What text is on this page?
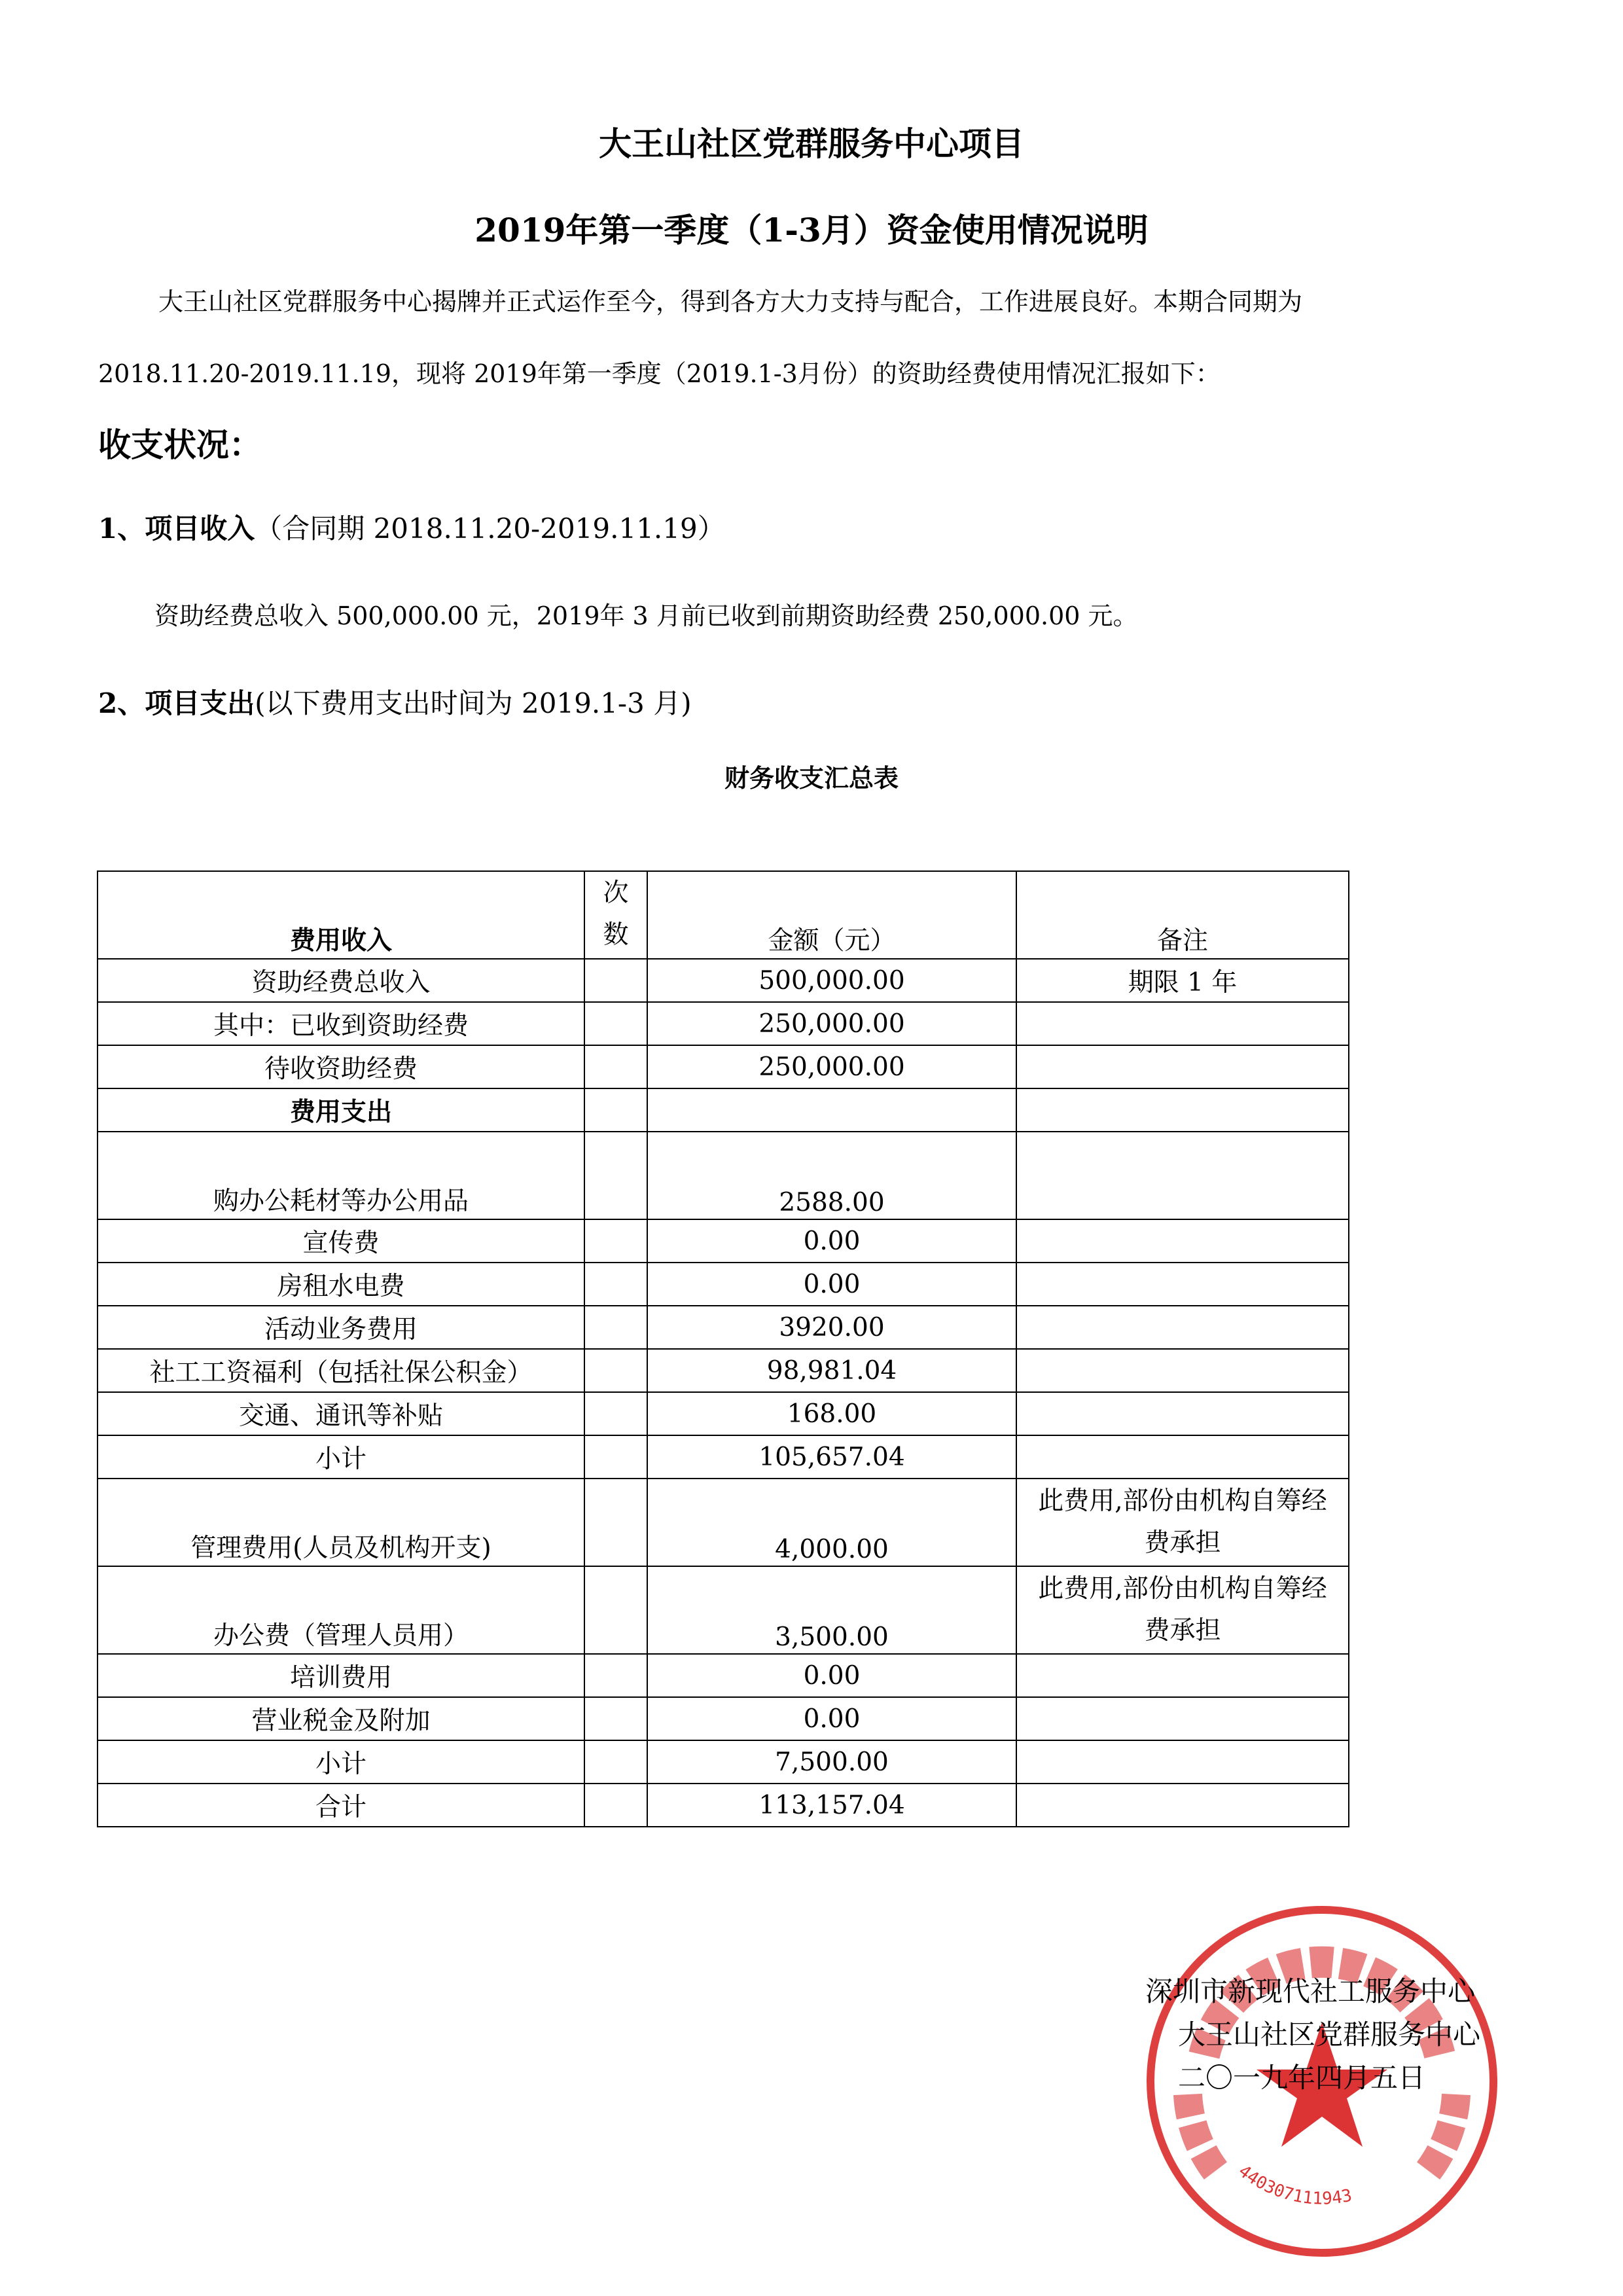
大王山社区党群服务中心项目
2019年第一季度（1-3月）资金使用情况说明
大王山社区党群服务中心揭牌并正式运作至今，得到各方大力支持与配合，工作进展良好。本期合同期为2018.11.20-2019.11.19，现将 2019年第一季度（2019.1-3月份）的资助经费使用情况汇报如下：
收支状况：
1、项目收入（合同期 2018.11.20-2019.11.19）
资助经费总收入 500,000.00 元，2019年 3 月前已收到前期资助经费 250,000.00 元。
2、项目支出(以下费用支出时间为 2019.1-3 月)
财务收支汇总表
费用收入	次数	金额（元）	备注
资助经费总收入		500,000.00	期限 1 年
其中：已收到资助经费		250,000.00	
待收资助经费		250,000.00	
费用支出			
购办公耗材等办公用品		2588.00	
宣传费		0.00	
房租水电费		0.00	
活动业务费用		3920.00	
社工工资福利（包括社保公积金）		98,981.04	
交通、通讯等补贴		168.00	
小计		105,657.04	
管理费用(人员及机构开支)		4,000.00	此费用,部份由机构自筹经费承担
办公费（管理人员用）		3,500.00	此费用,部份由机构自筹经费承担
培训费用		0.00	
营业税金及附加		0.00	
小计		7,500.00	
合计		113,157.04	
440307111943
深圳市新现代社工服务中心
大王山社区党群服务中心
二〇一九年四月五日
